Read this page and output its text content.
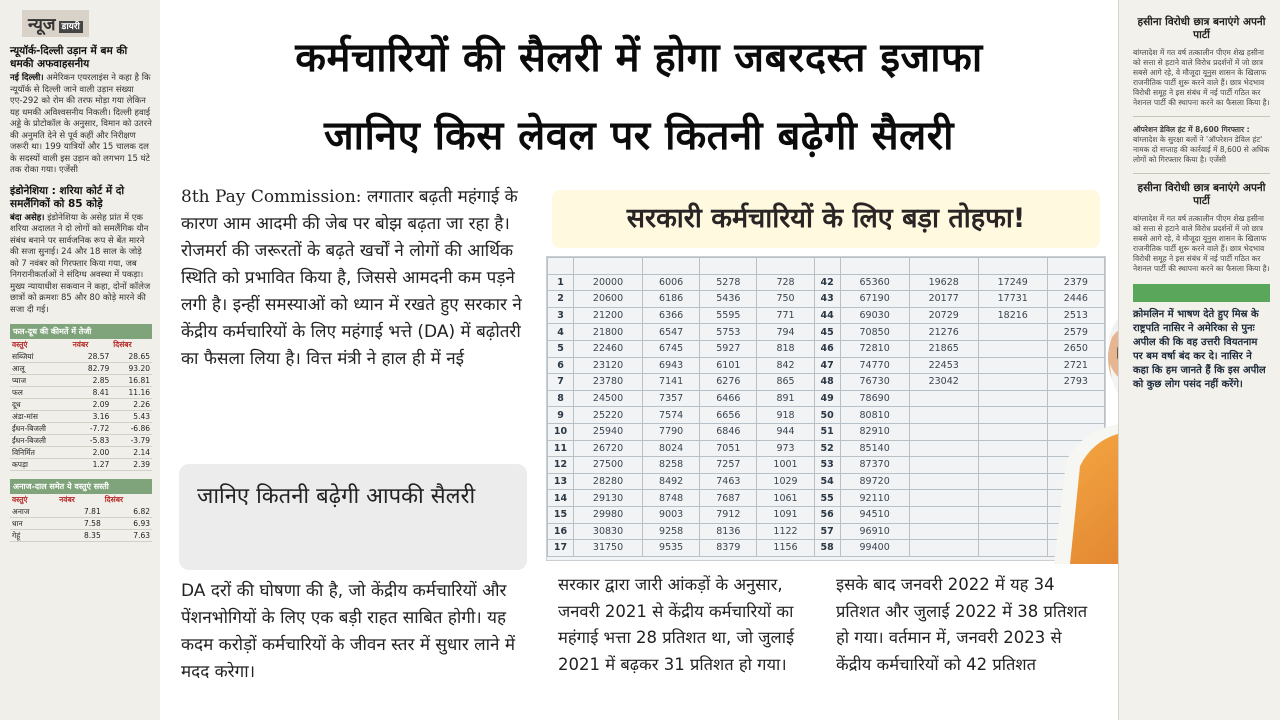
न्यूज डायरी
न्यूयॉर्क-दिल्ली उड़ान में बम की धमकी अफवाहसनीय
नई दिल्ली। अमेरिकन एयरलाइंस ने कहा है कि न्यूयॉर्क से दिल्ली जाने वाली उड़ान संख्या एए-292 को रोम की तरफ मोड़ा गया लेकिन यह धमकी अविश्वसनीय निकली। दिल्ली हवाई अड्डे के प्रोटोकॉल के अनुसार, विमान को उतरने की अनुमति देने से पूर्व कहीं और निरीक्षण जरूरी था। 199 यात्रियों और 15 चालक दल के सदस्यों वाली इस उड़ान को लगभग 15 घंटे तक रोका गया। एजेंसी
इंडोनेशिया : शरिया कोर्ट में दो समलैंगिकों को 85 कोड़े
बंदा असेह। इंडोनेशिया के असेह प्रांत में एक शरिया अदालत ने दो लोगों को समलैंगिक यौन संबंध बनाने पर सार्वजनिक रूप से बेंत मारने की सजा सुनाई। 24 और 18 साल के जोड़े को 7 नवंबर को गिरफ्तार किया गया, जब निगरानीकर्ताओं ने संदिग्ध अवस्था में पकड़ा। मुख्य न्यायाधीश सकवान ने कहा, दोनों कॉलेज छात्रों को क्रमशः 85 और 80 कोड़े मारने की सजा दी गई।
फल-दूध की कीमतें में तेजी
वस्तुएं	नवंबर	दिसंबर
सब्जियां	28.57	28.65
आलू	82.79	93.20
प्याज	2.85	16.81
फल	8.41	11.16
दूध	2.09	2.26
अंडा-मांस	3.16	5.43
ईंधन-बिजली	-7.72	-6.86
ईंधन-बिजली	-5.83	-3.79
विनिर्मित	2.00	2.14
कपड़ा	1.27	2.39
अनाज-दाल समेत ये वस्तुएं सस्ती
वस्तुएं	नवंबर	दिसंबर
अनाज	7.81	6.82
धान	7.58	6.93
गेहूं	8.35	7.63
कर्मचारियों की सैलरी में होगा जबरदस्त इजाफा
जानिए किस लेवल पर कितनी बढ़ेगी सैलरी
8th Pay Commission: लगातार बढ़ती महंगाई के कारण आम आदमी की जेब पर बोझ बढ़ता जा रहा है। रोजमर्रा की जरूरतों के बढ़ते खर्चों ने लोगों की आर्थिक स्थिति को प्रभावित किया है, जिससे आमदनी कम पड़ने लगी है। इन्हीं समस्याओं को ध्यान में रखते हुए सरकार ने केंद्रीय कर्मचारियों के लिए महंगाई भत्ते (DA) में बढ़ोतरी का फैसला लिया है। वित्त मंत्री ने हाल ही में नई
जानिए कितनी बढ़ेगी आपकी सैलरी
DA दरों की घोषणा की है, जो केंद्रीय कर्मचारियों और पेंशनभोगियों के लिए एक बड़ी राहत साबित होगी। यह कदम करोड़ों कर्मचारियों के जीवन स्तर में सुधार लाने में मदद करेगा।
सरकार द्वारा जारी आंकड़ों के अनुसार, जनवरी 2021 से केंद्रीय कर्मचारियों का महंगाई भत्ता 28 प्रतिशत था, जो जुलाई 2021 में बढ़कर 31 प्रतिशत हो गया।
इसके बाद जनवरी 2022 में यह 34 प्रतिशत और जुलाई 2022 में 38 प्रतिशत हो गया। वर्तमान में, जनवरी 2023 से केंद्रीय कर्मचारियों को 42 प्रतिशत
सरकारी कर्मचारियों के लिए बड़ा तोहफा!

1	20000	6006	5278	728	42	65360	19628	17249	2379
2	20600	6186	5436	750	43	67190	20177	17731	2446
3	21200	6366	5595	771	44	69030	20729	18216	2513
4	21800	6547	5753	794	45	70850	21276		2579
5	22460	6745	5927	818	46	72810	21865		2650
6	23120	6943	6101	842	47	74770	22453		2721
7	23780	7141	6276	865	48	76730	23042		2793
8	24500	7357	6466	891	49	78690			
9	25220	7574	6656	918	50	80810			
10	25940	7790	6846	944	51	82910			
11	26720	8024	7051	973	52	85140			
12	27500	8258	7257	1001	53	87370			
13	28280	8492	7463	1029	54	89720			
14	29130	8748	7687	1061	55	92110			
15	29980	9003	7912	1091	56	94510			
16	30830	9258	8136	1122	57	96910			
17	31750	9535	8379	1156	58	99400			
हसीना विरोधी छात्र बनाएंगे अपनी पार्टी
बांग्लादेश में गत वर्ष तत्कालीन पीएम शेख हसीना को सत्ता से हटाने वाले विरोध प्रदर्शनों में जो छात्र सबसे आगे रहे, वे मौजूदा यूनुस शासन के खिलाफ राजनीतिक पार्टी शुरू करने वाले हैं। छात्र भेदभाव विरोधी समूह ने इस संबंध में नई पार्टी गठित कर नेशनल पार्टी की स्थापना करने का फैसला किया है।
ऑपरेशन डेविल हंट में 8,600 गिरफ्तार : बांग्लादेश के सुरक्षा बलों ने 'ऑपरेशन डेविल हंट' नामक दो सप्ताह की कार्रवाई में 8,600 से अधिक लोगों को गिरफ्तार किया है। एजेंसी
हसीना विरोधी छात्र बनाएंगे अपनी पार्टी
बांग्लादेश में गत वर्ष तत्कालीन पीएम शेख हसीना को सत्ता से हटाने वाले विरोध प्रदर्शनों में जो छात्र सबसे आगे रहे, वे मौजूदा यूनुस शासन के खिलाफ राजनीतिक पार्टी शुरू करने वाले हैं। छात्र भेदभाव विरोधी समूह ने इस संबंध में नई पार्टी गठित कर नेशनल पार्टी की स्थापना करने का फैसला किया है।
क्रोमलिन में भाषण देते हुए मिस्र के राष्ट्रपति नासिर ने अमेरिका से पुनः अपील की कि वह उत्तरी वियतनाम पर बम वर्षा बंद कर दे। नासिर ने कहा कि हम जानते हैं कि इस अपील को कुछ लोग पसंद नहीं करेंगे।
